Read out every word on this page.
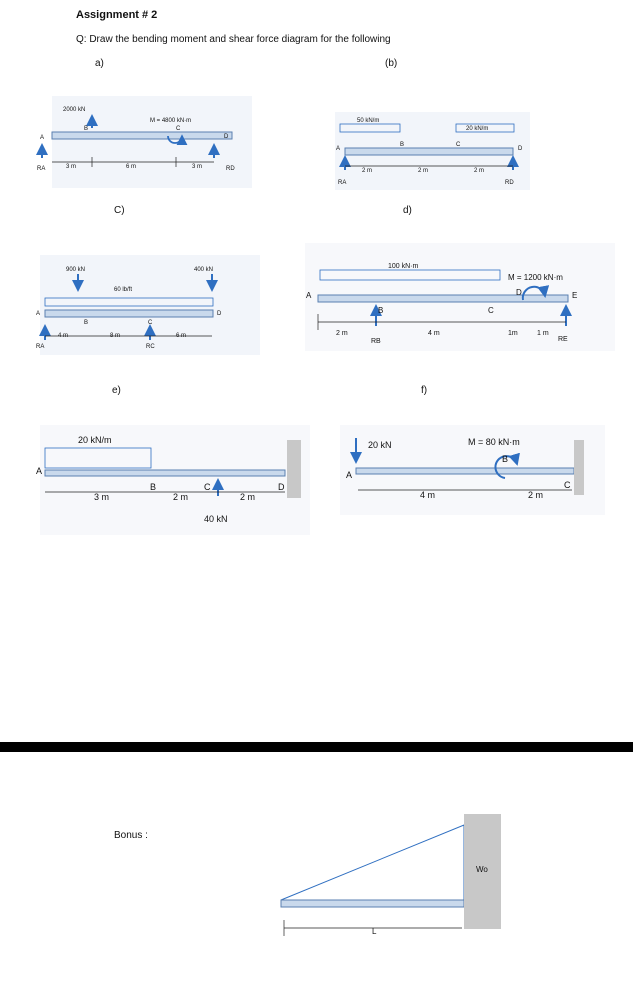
Assignment # 2
Q: Draw the bending moment and shear force diagram for the following
a)	(b)
C)	d)
e)	f)
2000 kN
M = 4800 kN·m
A
B	C
D
3 m	6 m	3 m
RA	RD
50 kN/m
20 kN/m
A
B	C
D
2 m	2 m	2 m
RA	RD
900 kN	400 kN
60 lb/ft
A
B	C
D
4 m	8 m	6 m
RA	RC
100 kN·m
M = 1200 kN·m
A
B	C
D	E
2 m	4 m	1m	1 m
RB	RE
20 kN/m
A
B	C	D
3 m	2 m	2 m
40 kN
20 kN	M = 80 kN·m
A
B
C
4 m	2 m
Bonus :
L
Wo
